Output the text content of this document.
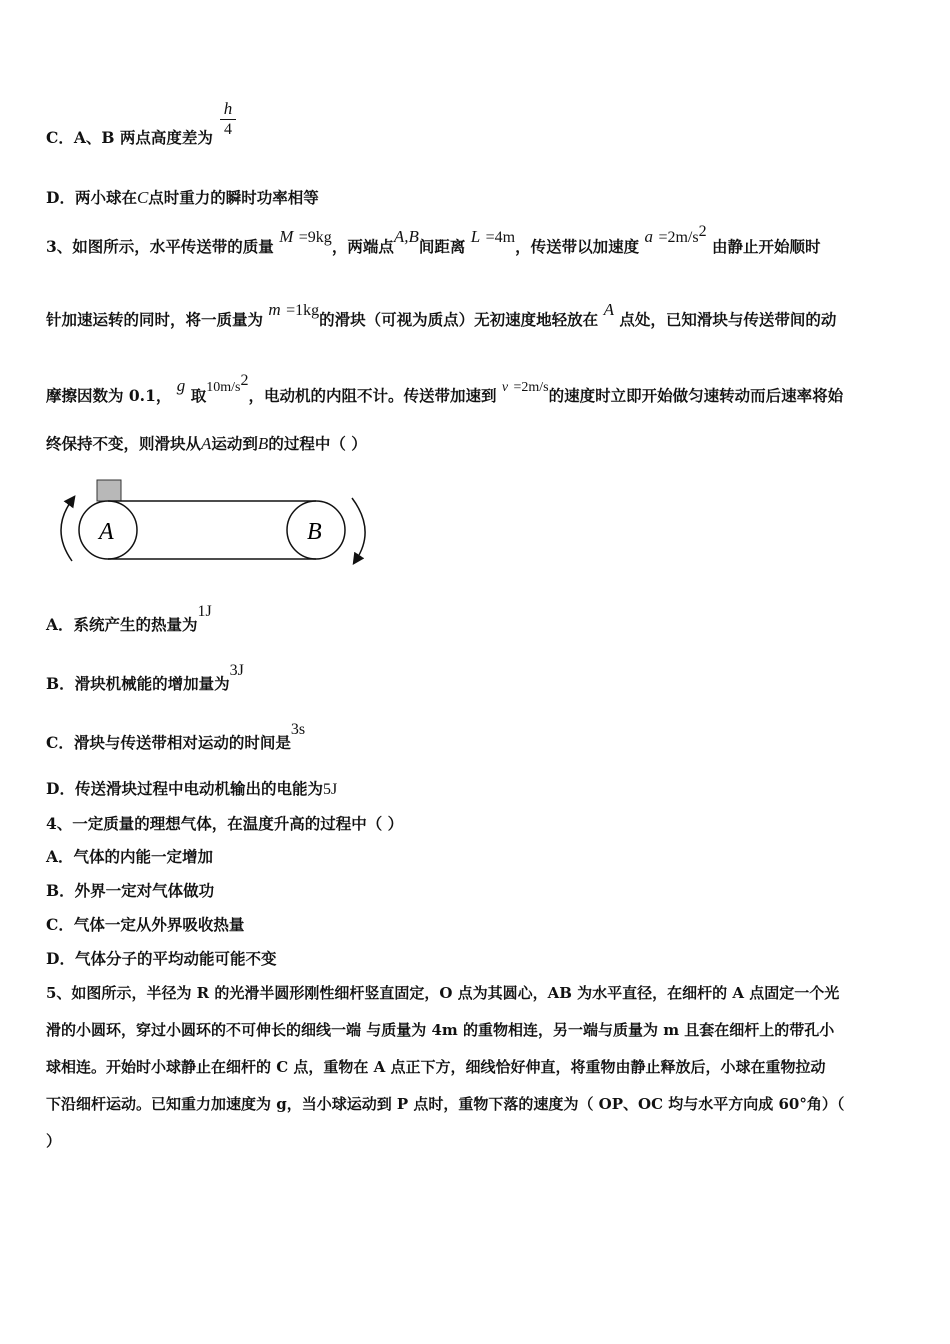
C．A、B 两点高度差为
h
4
D．两小球在C点时重力的瞬时功率相等
3、如图所示，水平传送带的质量 M =9kg，两端点A,B间距离 L =4m，传送带以加速度 $a =2m/s^2$ 由静止开始顺时
针加速运转的同时，将一质量为 m =1kg的滑块（可视为质点）无初速度地轻放在 A 点处，已知滑块与传送带间的动
摩擦因数为 0.1， g 取$10m/s^2$，电动机的内阻不计。传送带加速到 v =2m/s的速度时立即开始做匀速转动而后速率将始
终保持不变，则滑块从A运动到B的过程中（ ）
A	B
A．系统产生的热量为1J
B．滑块机械能的增加量为3J
C．滑块与传送带相对运动的时间是3s
D．传送滑块过程中电动机输出的电能为5J
4、一定质量的理想气体，在温度升高的过程中（ ）
A．气体的内能一定增加
B．外界一定对气体做功
C．气体一定从外界吸收热量
D．气体分子的平均动能可能不变
5、如图所示，半径为 R 的光滑半圆形刚性细杆竖直固定，O 点为其圆心，AB 为水平直径，在细杆的 A 点固定一个光
滑的小圆环，穿过小圆环的不可伸长的细线一端 与质量为 4m 的重物相连，另一端与质量为 m 且套在细杆上的带孔小
球相连。开始时小球静止在细杆的 C 点，重物在 A 点正下方，细线恰好伸直，将重物由静止释放后，小球在重物拉动
下沿细杆运动。已知重力加速度为 g，当小球运动到 P 点时，重物下落的速度为（ OP、OC 均与水平方向成 60°角）（
）
